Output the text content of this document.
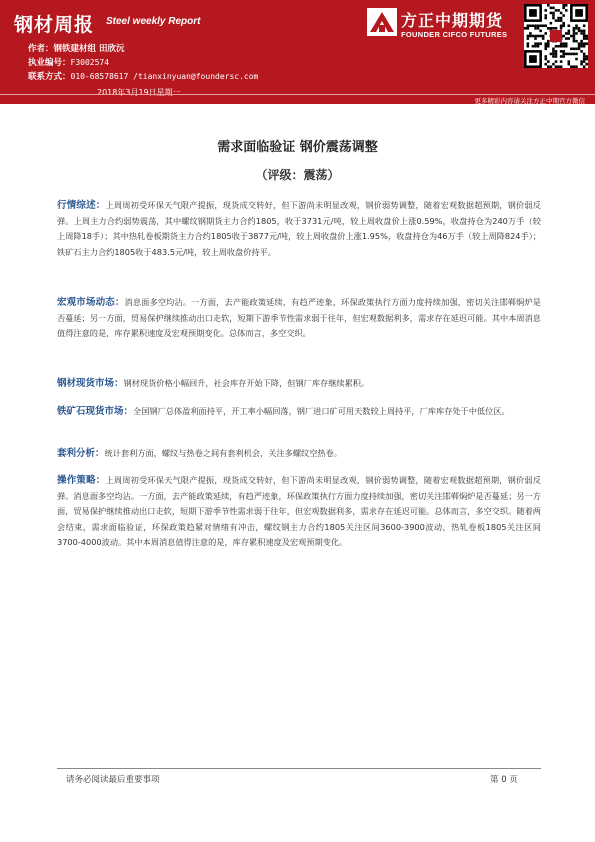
钢材周报 Steel weekly Report
作者：钢铁建材组 田欣沅
执业编号：F3002574
联系方式：010-68578617 /tianxinyuan@foundersc.com
2018年3月19日星期一
方正中期期货
FOUNDER CIFCO FUTURES
更多精彩内容请关注方正中期官方微信
需求面临验证 钢价震荡调整
（评级：震荡）
行情综述：上周周初受环保天气限产提振，现货成交转好，但下游尚未明显改观，钢价弱势调整，随着宏观数据超预期，钢价弱反弹。上周主力合约弱势震荡，其中螺纹钢期货主力合约1805，收于3731元/吨，较上周收盘价上涨0.59%，收盘持仓为240万手（较上周降18手）；其中热轧卷板期货主力合约1805收于3877元/吨，较上周收盘价上涨1.95%，收盘持仓为46万手（较上周降824手）；铁矿石主力合约1805收于483.5元/吨，较上周收盘价持平。
宏观市场动态：消息面多空均沾。一方面，去产能政策延续，有趋严迹象，环保政策执行方面力度持续加强，密切关注邯郸焖炉是否蔓延；另一方面，贸易保护继续推动出口走软，短期下游季节性需求弱于往年，但宏观数据利多，需求存在延迟可能。其中本周消息值得注意的是，库存累积速度及宏观预期变化。总体而言，多空交织。
钢材现货市场：钢材现货价格小幅回升，社会库存开始下降，但钢厂库存继续累积。
铁矿石现货市场：全国钢厂总体盈利面持平，开工率小幅回落，钢厂进口矿可用天数较上周持平，厂库库存处于中低位区。
套利分析：统计套利方面，螺纹与热卷之间有套利机会，关注多螺纹空热卷。
操作策略：上周周初受环保天气限产提振，现货成交转好，但下游尚未明显改观，钢价弱势调整，随着宏观数据超预期，钢价弱反弹。消息面多空均沾。一方面，去产能政策延续，有趋严迹象，环保政策执行方面力度持续加强，密切关注邯郸焖炉是否蔓延；另一方面，贸易保护继续推动出口走软，短期下游季节性需求弱于往年，但宏观数据利多，需求存在延迟可能。总体而言，多空交织。随着两会结束，需求面临验证，环保政策趋紧对情绪有冲击，螺纹钢主力合约1805关注区间3600-3900波动，热轧卷板1805关注区间3700-4000波动。其中本周消息值得注意的是，库存累积速度及宏观预期变化。
请务必阅读最后重要事项	第 0 页
